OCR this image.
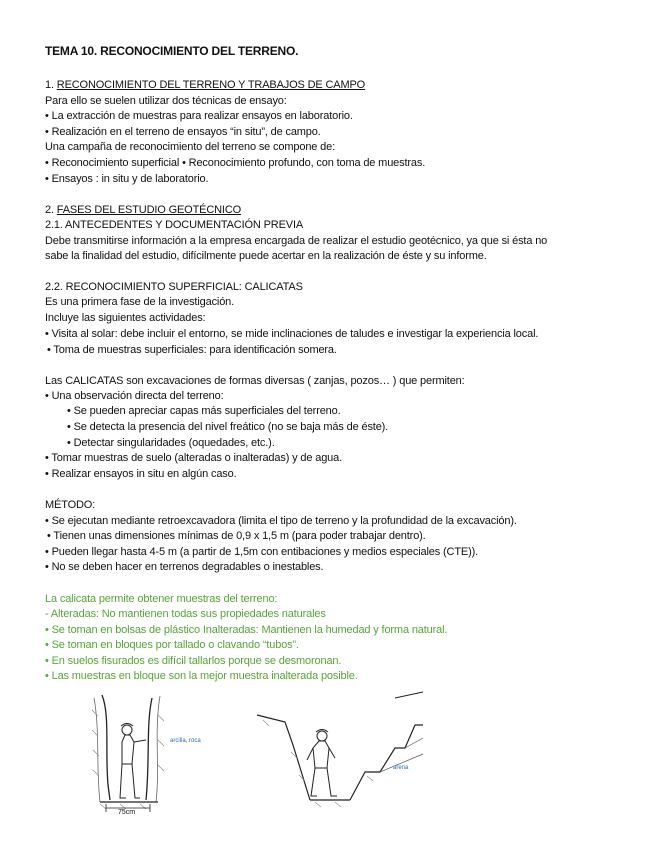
TEMA 10. RECONOCIMIENTO DEL TERRENO.
1. RECONOCIMIENTO DEL TERRENO Y TRABAJOS DE CAMPO
Para ello se suelen utilizar dos técnicas de ensayo:
• La extracción de muestras para realizar ensayos en laboratorio.
• Realización en el terreno de ensayos “in situ”, de campo.
Una campaña de reconocimiento del terreno se compone de:
• Reconocimiento superficial • Reconocimiento profundo, con toma de muestras.
• Ensayos : in situ y de laboratorio.
2. FASES DEL ESTUDIO GEOTÉCNICO
2.1. ANTECEDENTES Y DOCUMENTACIÓN PREVIA
Debe transmitirse información a la empresa encargada de realizar el estudio geotécnico, ya que si ésta no
sabe la finalidad del estudio, difícilmente puede acertar en la realización de éste y su informe.
2.2. RECONOCIMIENTO SUPERFICIAL: CALICATAS
Es una primera fase de la investigación.
Incluye las siguientes actividades:
• Visita al solar: debe incluir el entorno, se mide inclinaciones de taludes e investigar la experiencia local.
• Toma de muestras superficiales: para identificación somera.
Las CALICATAS son excavaciones de formas diversas ( zanjas, pozos… ) que permiten:
• Una observación directa del terreno:
• Se pueden apreciar capas más superficiales del terreno.
• Se detecta la presencia del nivel freático (no se baja más de éste).
• Detectar singularidades (oquedades, etc.).
• Tomar muestras de suelo (alteradas o inalteradas) y de agua.
• Realizar ensayos in situ en algún caso.
MÉTODO:
• Se ejecutan mediante retroexcavadora (limita el tipo de terreno y la profundidad de la excavación).
• Tienen unas dimensiones mínimas de 0,9 x 1,5 m (para poder trabajar dentro).
• Pueden llegar hasta 4-5 m (a partir de 1,5m con entibaciones y medios especiales (CTE)).
• No se deben hacer en terrenos degradables o inestables.
La calicata permite obtener muestras del terreno:
- Alteradas: No mantienen todas sus propiedades naturales
• Se toman en bolsas de plástico Inalteradas: Mantienen la humedad y forma natural.
• Se toman en bloques por tallado o clavando “tubos”.
• En suelos fisurados es difícil tallarlos porque se desmoronan.
• Las muestras en bloque son la mejor muestra inalterada posible.
75cm
arcilla, roca
arena
